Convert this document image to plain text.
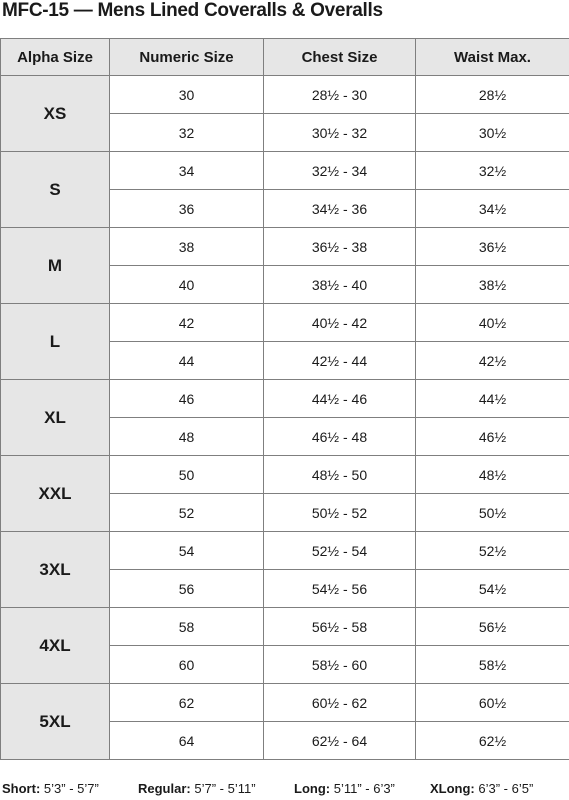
MFC-15 — Mens Lined Coveralls & Overalls
Alpha Size	Numeric Size	Chest Size	Waist Max.
XS	30	28½ - 30	28½
	32	30½ - 32	30½
S	34	32½ - 34	32½
	36	34½ - 36	34½
M	38	36½ - 38	36½
	40	38½ - 40	38½
L	42	40½ - 42	40½
	44	42½ - 44	42½
XL	46	44½ - 46	44½
	48	46½ - 48	46½
XXL	50	48½ - 50	48½
	52	50½ - 52	50½
3XL	54	52½ - 54	52½
	56	54½ - 56	54½
4XL	58	56½ - 58	56½
	60	58½ - 60	58½
5XL	62	60½ - 62	60½
	64	62½ - 64	62½
Short: 5’3” - 5’7”	Regular: 5’7” - 5’11”	Long: 5’11” - 6’3”	XLong: 6’3” - 6’5”
